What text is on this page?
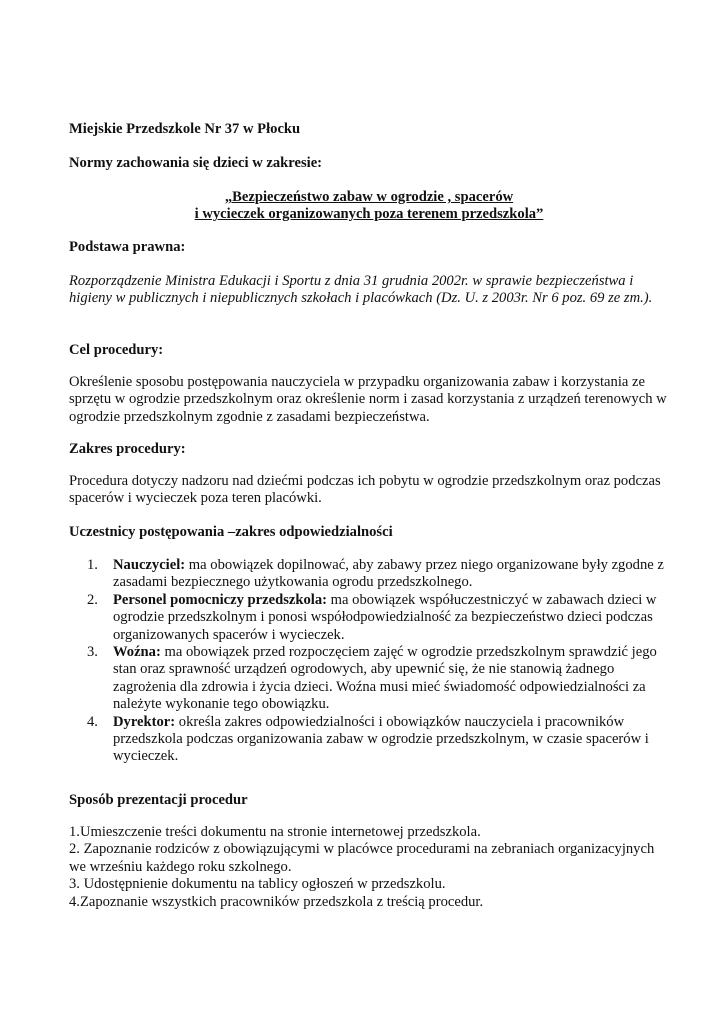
Miejskie Przedszkole Nr 37 w Płocku

Normy zachowania się dzieci w zakresie:

„Bezpieczeństwo zabaw w ogrodzie , spacerów

i wycieczek organizowanych poza terenem przedszkola”

Podstawa prawna:

Rozporządzenie Ministra Edukacji i Sportu z dnia 31 grudnia 2002r. w sprawie bezpieczeństwa i higieny w publicznych i niepublicznych szkołach i placówkach (Dz. U. z 2003r. Nr 6 poz. 69 ze zm.).

Cel procedury:

Określenie sposobu postępowania nauczyciela w przypadku organizowania zabaw i korzystania ze sprzętu w ogrodzie przedszkolnym oraz określenie norm i zasad korzystania z urządzeń terenowych w ogrodzie przedszkolnym zgodnie z zasadami bezpieczeństwa.

Zakres procedury:

Procedura dotyczy nadzoru nad dziećmi podczas ich pobytu w ogrodzie przedszkolnym oraz podczas spacerów i wycieczek poza teren placówki.

Uczestnicy postępowania –zakres odpowiedzialności

1. Nauczyciel: ma obowiązek dopilnować, aby zabawy przez niego organizowane były zgodne z zasadami bezpiecznego użytkowania ogrodu przedszkolnego.
2. Personel pomocniczy przedszkola: ma obowiązek współuczestniczyć w zabawach dzieci w ogrodzie przedszkolnym i ponosi współodpowiedzialność za bezpieczeństwo dzieci podczas organizowanych spacerów i wycieczek.
3. Woźna: ma obowiązek przed rozpoczęciem zajęć w ogrodzie przedszkolnym sprawdzić jego stan oraz sprawność urządzeń ogrodowych, aby upewnić się, że nie stanowią żadnego zagrożenia dla zdrowia i życia dzieci. Woźna musi mieć świadomość odpowiedzialności za należyte wykonanie tego obowiązku.
4. Dyrektor: określa zakres odpowiedzialności i obowiązków nauczyciela i pracowników przedszkola podczas organizowania zabaw w ogrodzie przedszkolnym, w czasie spacerów i wycieczek.

Sposób prezentacji procedur

1.Umieszczenie treści dokumentu na stronie internetowej przedszkola.

2. Zapoznanie rodziców z obowiązującymi w placówce procedurami na zebraniach organizacyjnych we wrześniu każdego roku szkolnego.

3. Udostępnienie dokumentu na tablicy ogłoszeń w przedszkolu.

4.Zapoznanie wszystkich pracowników przedszkola z treścią procedur.
